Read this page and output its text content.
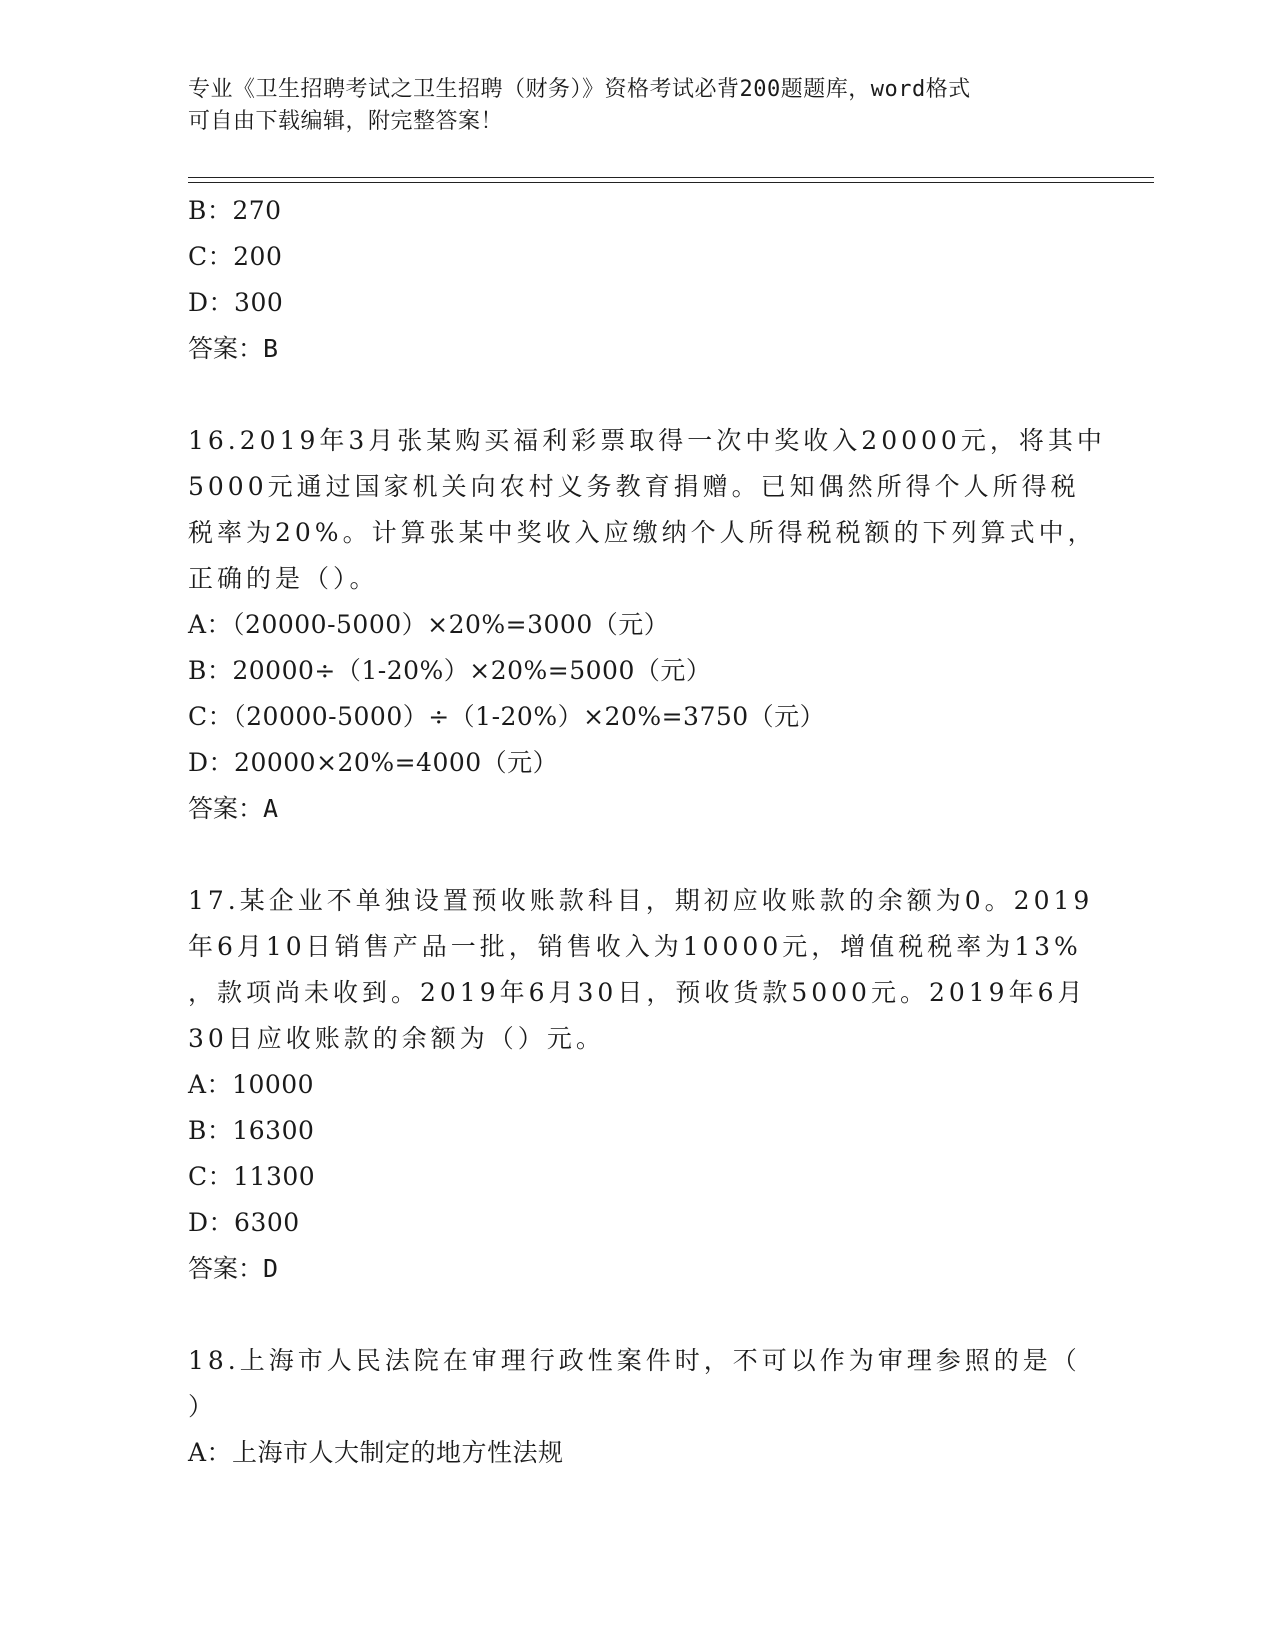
专业《卫生招聘考试之卫生招聘（财务）》资格考试必背200题题库，word格式
可自由下载编辑，附完整答案！
B：270
C：200
D：300
答案：B
16.2019年3月张某购买福利彩票取得一次中奖收入20000元，将其中
5000元通过国家机关向农村义务教育捐赠。已知偶然所得个人所得税
税率为20%。计算张某中奖收入应缴纳个人所得税税额的下列算式中，
正确的是（）。
A：（20000-5000）×20%=3000（元）
B：20000÷（1-20%）×20%=5000（元）
C：（20000-5000）÷（1-20%）×20%=3750（元）
D：20000×20%=4000（元）
答案：A
17.某企业不单独设置预收账款科目，期初应收账款的余额为0。2019
年6月10日销售产品一批，销售收入为10000元，增值税税率为13%
，款项尚未收到。2019年6月30日，预收货款5000元。2019年6月
30日应收账款的余额为（）元。
A：10000
B：16300
C：11300
D：6300
答案：D
18.上海市人民法院在审理行政性案件时，不可以作为审理参照的是（
）
A：上海市人大制定的地方性法规
